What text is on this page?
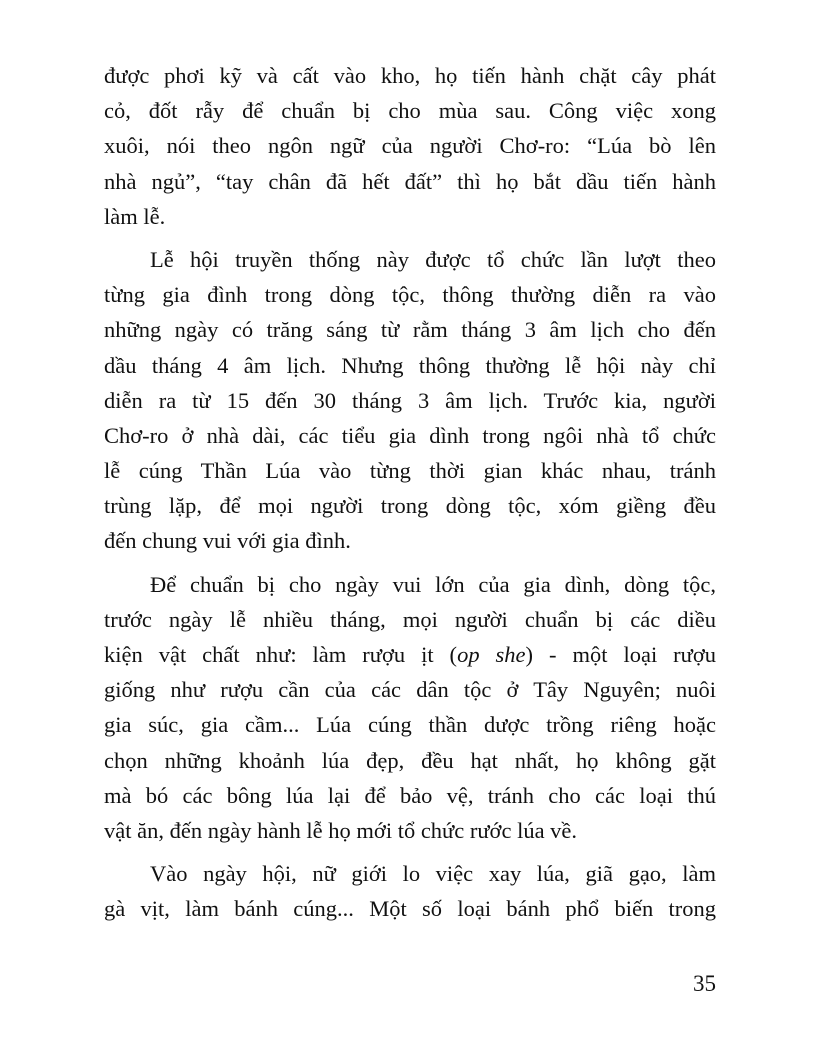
được phơi kỹ và cất vào kho, họ tiến hành chặt cây phát
cỏ, đốt rẫy để chuẩn bị cho mùa sau. Công việc xong
xuôi, nói theo ngôn ngữ của người Chơ-ro: “Lúa bò lên
nhà ngủ”, “tay chân đã hết đất” thì họ bắt dầu tiến hành
làm lễ.
Lễ hội truyền thống này được tổ chức lần lượt theo
từng gia đình trong dòng tộc, thông thường diễn ra vào
những ngày có trăng sáng từ rằm tháng 3 âm lịch cho đến
dầu tháng 4 âm lịch. Nhưng thông thường lễ hội này chỉ
diễn ra từ 15 đến 30 tháng 3 âm lịch. Trước kia, người
Chơ-ro ở nhà dài, các tiểu gia dình trong ngôi nhà tổ chức
lễ cúng Thần Lúa vào từng thời gian khác nhau, tránh
trùng lặp, để mọi người trong dòng tộc, xóm giềng đều
đến chung vui với gia đình.
Để chuẩn bị cho ngày vui lớn của gia dình, dòng tộc,
trước ngày lễ nhiều tháng, mọi người chuẩn bị các diều
kiện vật chất như: làm rượu ịt (op she) - một loại rượu
giống như rượu cần của các dân tộc ở Tây Nguyên; nuôi
gia súc, gia cầm... Lúa cúng thần dược trồng riêng hoặc
chọn những khoảnh lúa đẹp, đều hạt nhất, họ không gặt
mà bó các bông lúa lại để bảo vệ, tránh cho các loại thú
vật ăn, đến ngày hành lễ họ mới tổ chức rước lúa về.
Vào ngày hội, nữ giới lo việc xay lúa, giã gạo, làm
gà vịt, làm bánh cúng... Một số loại bánh phổ biến trong
35
